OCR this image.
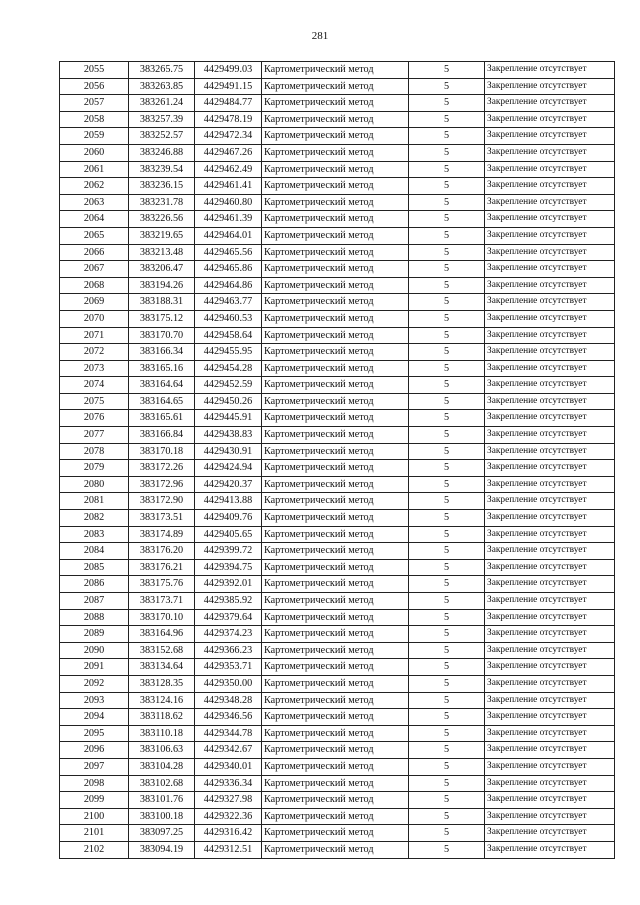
281
2055	383265.75	4429499.03	Картометрический метод	5	Закрепление отсутствует
2056	383263.85	4429491.15	Картометрический метод	5	Закрепление отсутствует
2057	383261.24	4429484.77	Картометрический метод	5	Закрепление отсутствует
2058	383257.39	4429478.19	Картометрический метод	5	Закрепление отсутствует
2059	383252.57	4429472.34	Картометрический метод	5	Закрепление отсутствует
2060	383246.88	4429467.26	Картометрический метод	5	Закрепление отсутствует
2061	383239.54	4429462.49	Картометрический метод	5	Закрепление отсутствует
2062	383236.15	4429461.41	Картометрический метод	5	Закрепление отсутствует
2063	383231.78	4429460.80	Картометрический метод	5	Закрепление отсутствует
2064	383226.56	4429461.39	Картометрический метод	5	Закрепление отсутствует
2065	383219.65	4429464.01	Картометрический метод	5	Закрепление отсутствует
2066	383213.48	4429465.56	Картометрический метод	5	Закрепление отсутствует
2067	383206.47	4429465.86	Картометрический метод	5	Закрепление отсутствует
2068	383194.26	4429464.86	Картометрический метод	5	Закрепление отсутствует
2069	383188.31	4429463.77	Картометрический метод	5	Закрепление отсутствует
2070	383175.12	4429460.53	Картометрический метод	5	Закрепление отсутствует
2071	383170.70	4429458.64	Картометрический метод	5	Закрепление отсутствует
2072	383166.34	4429455.95	Картометрический метод	5	Закрепление отсутствует
2073	383165.16	4429454.28	Картометрический метод	5	Закрепление отсутствует
2074	383164.64	4429452.59	Картометрический метод	5	Закрепление отсутствует
2075	383164.65	4429450.26	Картометрический метод	5	Закрепление отсутствует
2076	383165.61	4429445.91	Картометрический метод	5	Закрепление отсутствует
2077	383166.84	4429438.83	Картометрический метод	5	Закрепление отсутствует
2078	383170.18	4429430.91	Картометрический метод	5	Закрепление отсутствует
2079	383172.26	4429424.94	Картометрический метод	5	Закрепление отсутствует
2080	383172.96	4429420.37	Картометрический метод	5	Закрепление отсутствует
2081	383172.90	4429413.88	Картометрический метод	5	Закрепление отсутствует
2082	383173.51	4429409.76	Картометрический метод	5	Закрепление отсутствует
2083	383174.89	4429405.65	Картометрический метод	5	Закрепление отсутствует
2084	383176.20	4429399.72	Картометрический метод	5	Закрепление отсутствует
2085	383176.21	4429394.75	Картометрический метод	5	Закрепление отсутствует
2086	383175.76	4429392.01	Картометрический метод	5	Закрепление отсутствует
2087	383173.71	4429385.92	Картометрический метод	5	Закрепление отсутствует
2088	383170.10	4429379.64	Картометрический метод	5	Закрепление отсутствует
2089	383164.96	4429374.23	Картометрический метод	5	Закрепление отсутствует
2090	383152.68	4429366.23	Картометрический метод	5	Закрепление отсутствует
2091	383134.64	4429353.71	Картометрический метод	5	Закрепление отсутствует
2092	383128.35	4429350.00	Картометрический метод	5	Закрепление отсутствует
2093	383124.16	4429348.28	Картометрический метод	5	Закрепление отсутствует
2094	383118.62	4429346.56	Картометрический метод	5	Закрепление отсутствует
2095	383110.18	4429344.78	Картометрический метод	5	Закрепление отсутствует
2096	383106.63	4429342.67	Картометрический метод	5	Закрепление отсутствует
2097	383104.28	4429340.01	Картометрический метод	5	Закрепление отсутствует
2098	383102.68	4429336.34	Картометрический метод	5	Закрепление отсутствует
2099	383101.76	4429327.98	Картометрический метод	5	Закрепление отсутствует
2100	383100.18	4429322.36	Картометрический метод	5	Закрепление отсутствует
2101	383097.25	4429316.42	Картометрический метод	5	Закрепление отсутствует
2102	383094.19	4429312.51	Картометрический метод	5	Закрепление отсутствует
